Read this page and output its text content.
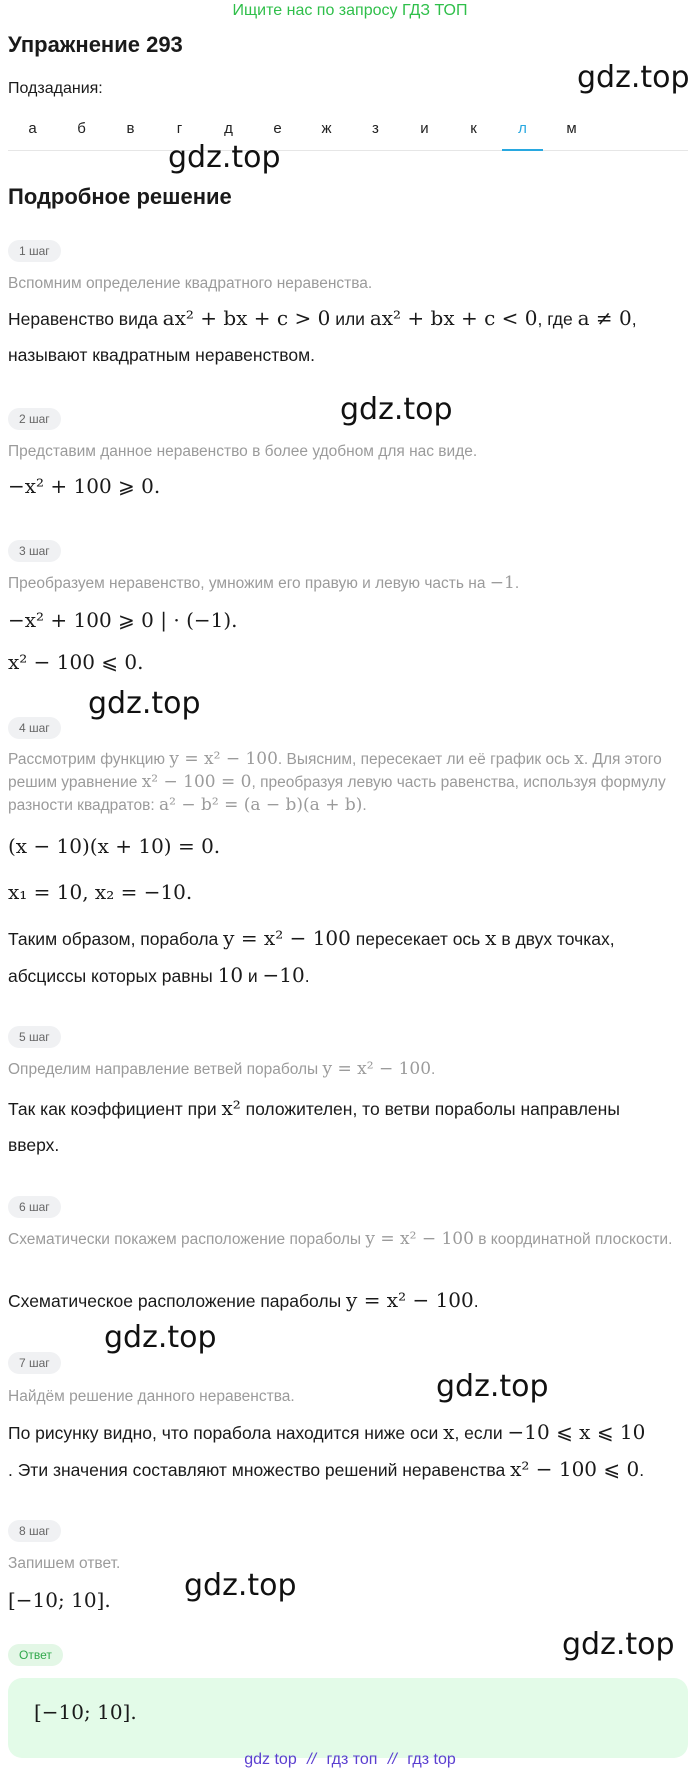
Ищите нас по запросу ГДЗ ТОП
Упражнение 293
Подзадания:	gdz.top
а	б	в	г	д	е	ж	з	и	к	л	м
gdz.top
Подробное решение
1 шаг
Вспомним определение квадратного неравенства.
Неравенство вида ax² + bx + c > 0 или ax² + bx + c < 0, где a ≠ 0,
называют квадратным неравенством.
gdz.top
2 шаг
Представим данное неравенство в более удобном для нас виде.
−x² + 100 ⩾ 0.
3 шаг
Преобразуем неравенство, умножим его правую и левую часть на −1.
−x² + 100 ⩾ 0 | · (−1).
x² − 100 ⩽ 0.
gdz.top
4 шаг
Рассмотрим функцию y = x² − 100. Выясним, пересекает ли её график ось x. Для этого решим уравнение x² − 100 = 0, преобразуя левую часть равенства, используя формулу разности квадратов: a² − b² = (a − b)(a + b).
(x − 10)(x + 10) = 0.
x₁ = 10, x₂ = −10.
Таким образом, порабола y = x² − 100 пересекает ось x в двух точках,
абсциссы которых равны 10 и −10.
5 шаг
Определим направление ветвей пораболы y = x² − 100.
Так как коэффициент при x² положителен, то ветви пораболы направлены
вверх.
6 шаг
Схематически покажем расположение пораболы y = x² − 100 в координатной плоскости.
Схематическое расположение параболы y = x² − 100.
gdz.top
7 шаг
gdz.top
Найдём решение данного неравенства.
По рисунку видно, что порабола находится ниже оси x, если −10 ⩽ x ⩽ 10
. Эти значения составляют множество решений неравенства x² − 100 ⩽ 0.
8 шаг
Запишем ответ.
[−10; 10].	gdz.top
gdz.top
Ответ
[−10; 10].
gdz top // гдз топ // гдз top
